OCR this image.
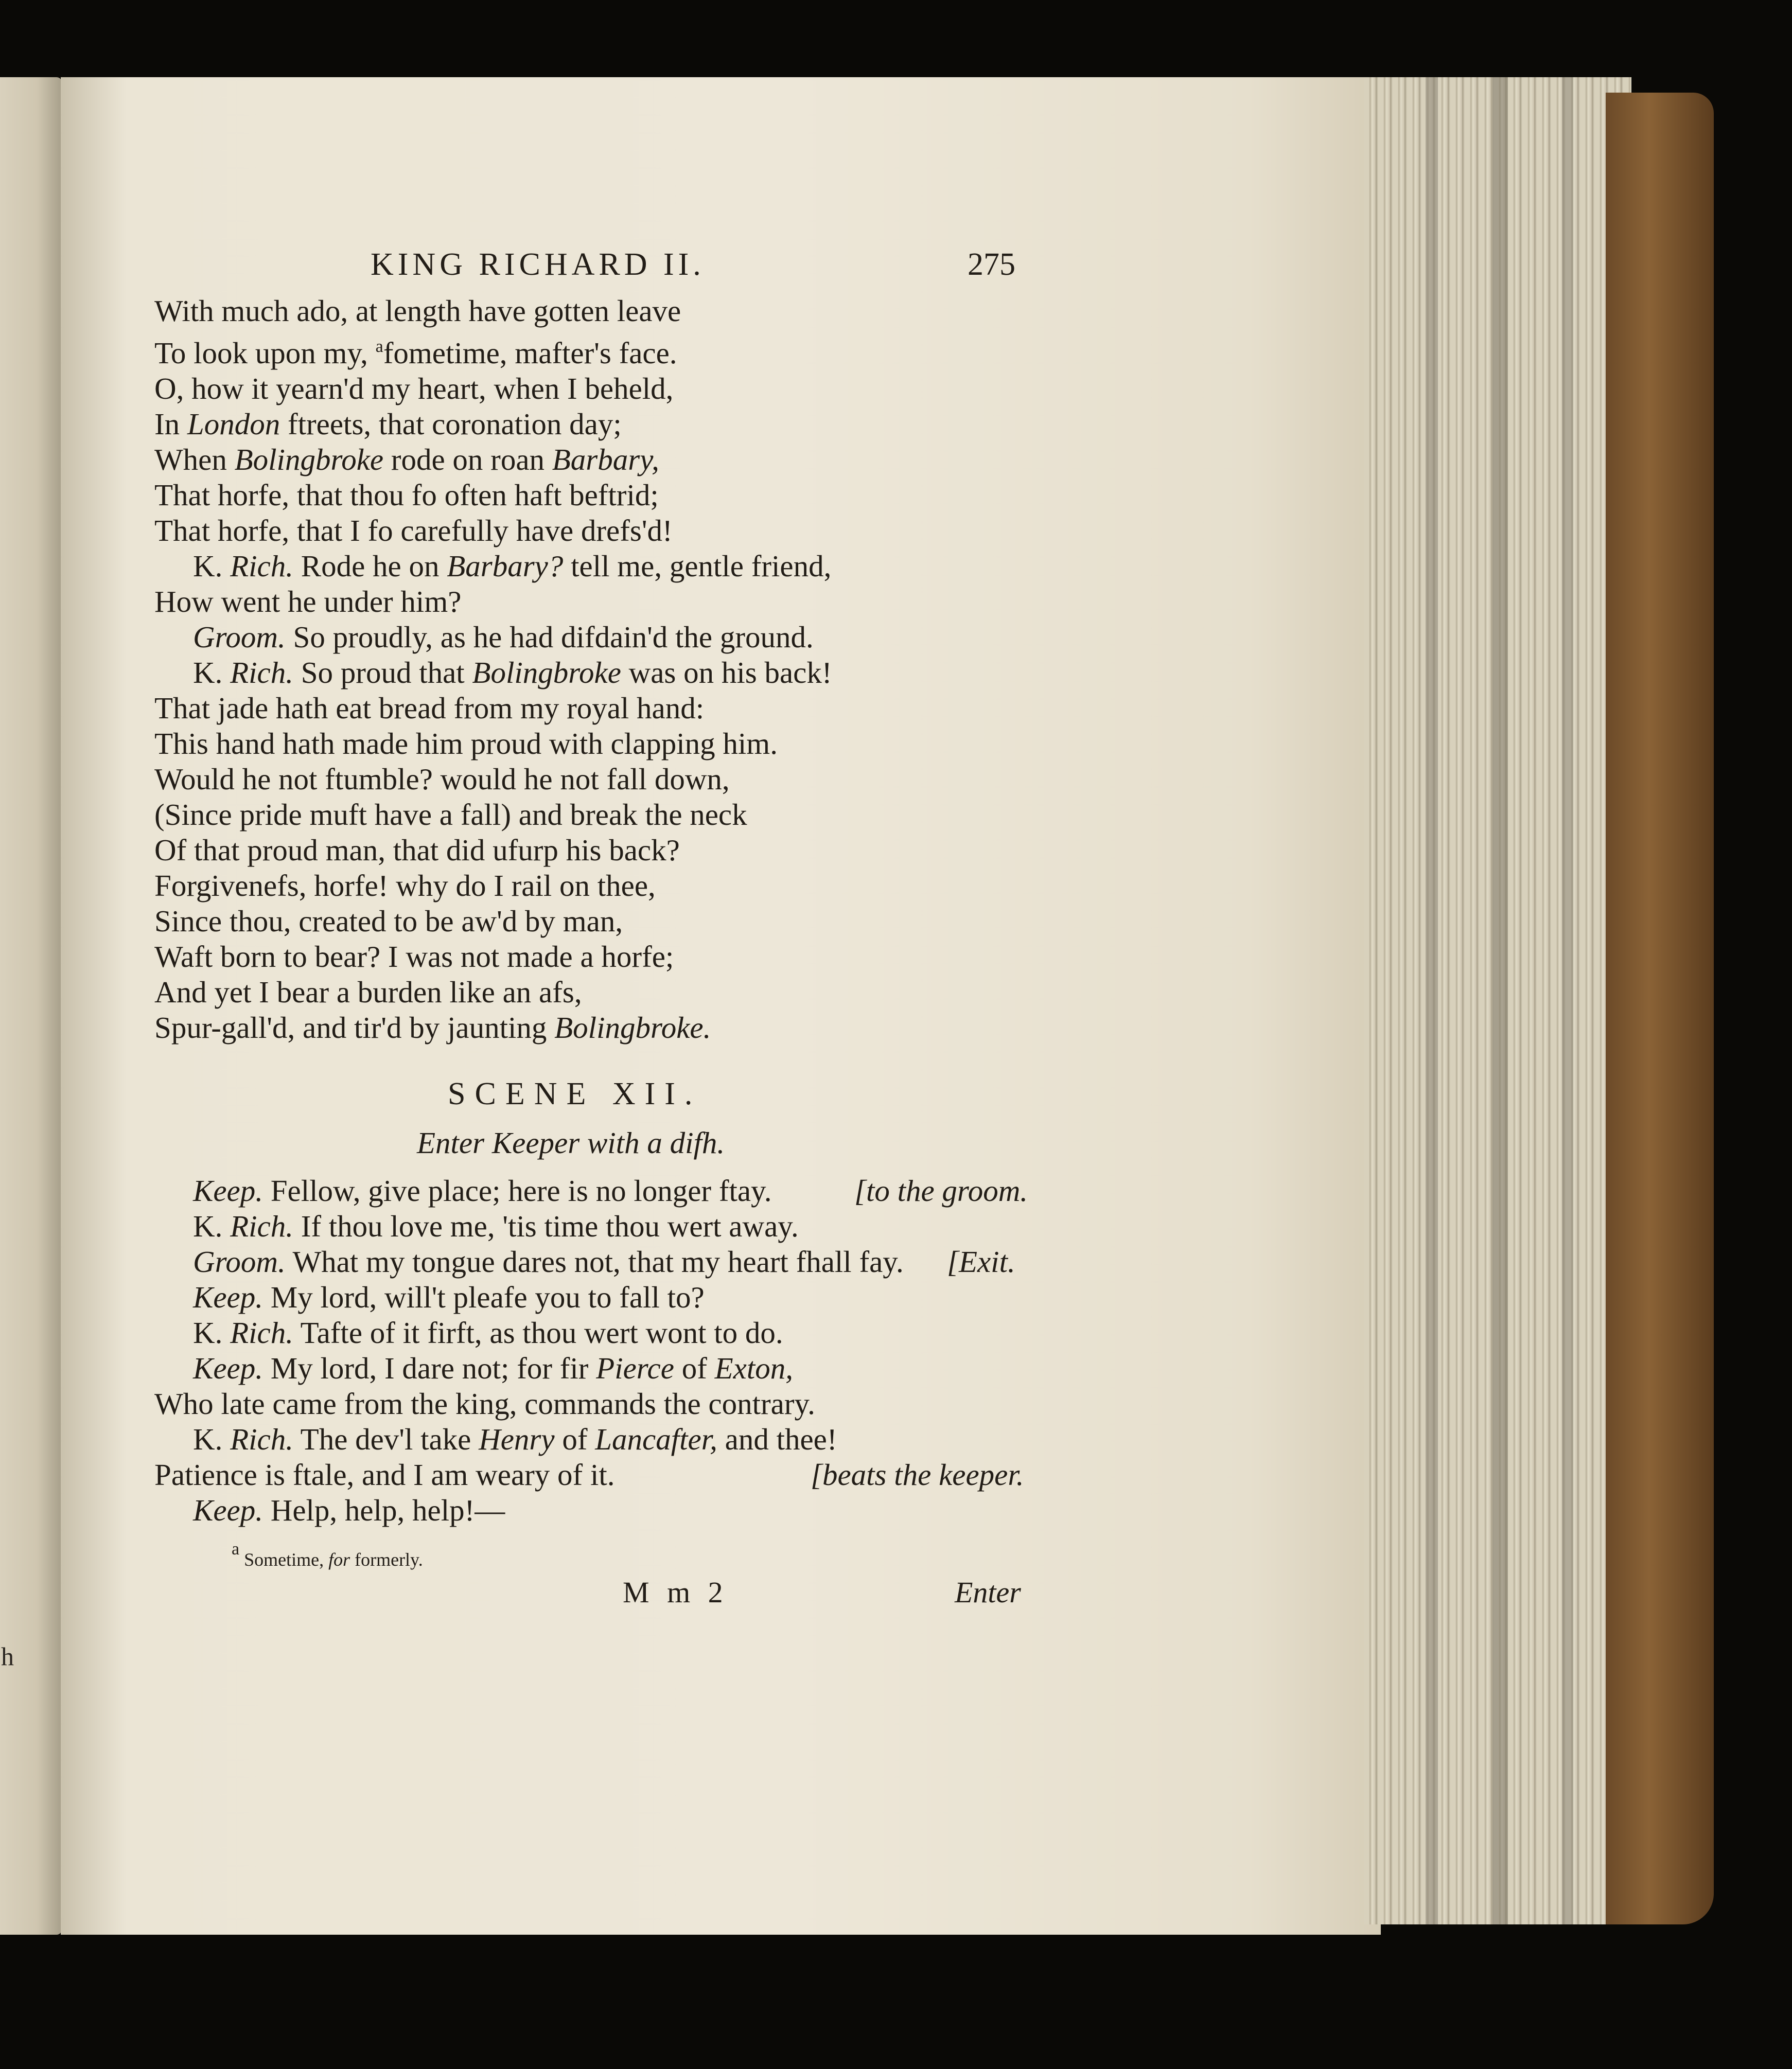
h
KING RICHARD II.	275
With much ado, at length have gotten leave
To look upon my, $^a$fometime, mafter's face.
O, how it yearn'd my heart, when I beheld,
In London ftreets, that coronation day;
When Bolingbroke rode on roan Barbary,
That horfe, that thou fo often haft beftrid;
That horfe, that I fo carefully have drefs'd!
K. Rich. Rode he on Barbary? tell me, gentle friend,
How went he under him?
Groom. So proudly, as he had difdain'd the ground.
K. Rich. So proud that Bolingbroke was on his back!
That jade hath eat bread from my royal hand:
This hand hath made him proud with clapping him.
Would he not ftumble? would he not fall down,
(Since pride muft have a fall) and break the neck
Of that proud man, that did ufurp his back?
Forgivenefs, horfe! why do I rail on thee,
Since thou, created to be aw'd by man,
Waft born to bear? I was not made a horfe;
And yet I bear a burden like an afs,
Spur-gall'd, and tir'd by jaunting Bolingbroke.
SCENE XII.
Enter Keeper with a difh.
Keep. Fellow, give place; here is no longer ftay.	[to the groom.
K. Rich. If thou love me, 'tis time thou wert away.
Groom. What my tongue dares not, that my heart fhall fay. [Exit.
Keep. My lord, will't pleafe you to fall to?
K. Rich. Tafte of it firft, as thou wert wont to do.
Keep. My lord, I dare not; for fir Pierce of Exton,
Who late came from the king, commands the contrary.
K. Rich. The dev'l take Henry of Lancafter, and thee!
Patience is ftale, and I am weary of it.	[beats the keeper.
Keep. Help, help, help!—
a Sometime, for formerly.
M m 2	Enter
